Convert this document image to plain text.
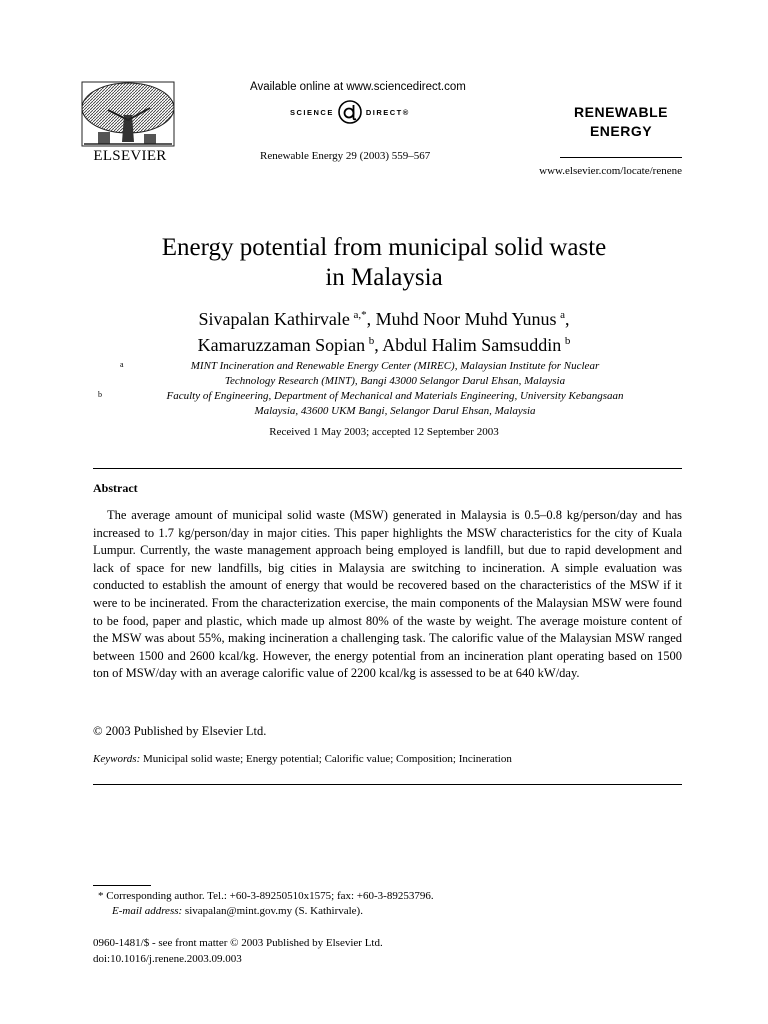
ELSEVIER
Available online at www.sciencedirect.com
SCIENCE	DIRECT ®
Renewable Energy 29 (2003) 559–567
RENEWABLE
ENERGY
www.elsevier.com/locate/renene
Energy potential from municipal solid waste
in Malaysia
Sivapalan Kathirvale  $^{a,*}$, Muhd Noor Muhd Yunus  $^a$,
Kamaruzzaman Sopian  $^b$, Abdul Halim Samsuddin  $^b$
a	MINT Incineration and Renewable Energy Center (MIREC), Malaysian Institute for Nuclear
Technology Research (MINT), Bangi 43000 Selangor Darul Ehsan, Malaysia
b	Faculty of Engineering, Department of Mechanical and Materials Engineering, University Kebangsaan
Malaysia, 43600 UKM Bangi, Selangor Darul Ehsan, Malaysia
Received 1 May 2003; accepted 12 September 2003
Abstract

The average amount of municipal solid waste (MSW) generated in Malaysia is 0.5–0.8 kg/person/day and has increased to 1.7 kg/person/day in major cities. This paper highlights the MSW characteristics for the city of Kuala Lumpur. Currently, the waste management approach being employed is landfill, but due to rapid development and lack of space for new landfills, big cities in Malaysia are switching to incineration. A simple evaluation was conducted to establish the amount of energy that would be recovered based on the characteristics of the MSW if it were to be incinerated. From the characterization exercise, the main components of the Malaysian MSW were found to be food, paper and plastic, which made up almost 80% of the waste by weight. The average moisture content of the MSW was about 55%, making incineration a challenging task. The calorific value of the Malaysian MSW ranged between 1500 and 2600 kcal/kg. However, the energy potential from an incineration plant operating based on 1500 ton of MSW/day with an average calorific value of 2200 kcal/kg is assessed to be at 640 kW/day.

© 2003 Published by Elsevier Ltd.
Keywords: Municipal solid waste; Energy potential; Calorific value; Composition; Incineration
* Corresponding author. Tel.: +60-3-89250510x1575; fax: +60-3-89253796.
E-mail address: sivapalan@mint.gov.my (S. Kathirvale).
0960-1481/$ - see front matter © 2003 Published by Elsevier Ltd.
doi:10.1016/j.renene.2003.09.003
